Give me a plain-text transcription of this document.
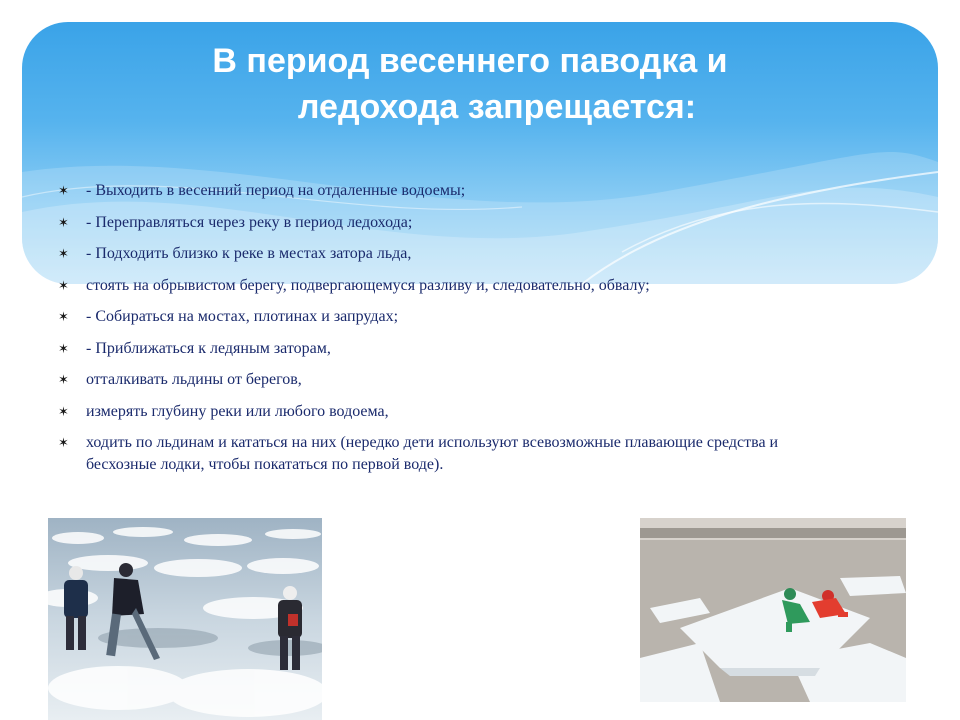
В период весеннего паводка и
ледохода запрещается:
✶ - Выходить в весенний период на отдаленные водоемы;
✶ - Переправляться через реку в период ледохода;
✶ - Подходить близко к реке в местах затора льда,
✶ стоять на обрывистом берегу, подвергающемуся разливу и, следовательно, обвалу;
✶ - Собираться на мостах, плотинах и запрудах;
✶ - Приближаться к ледяным заторам,
✶ отталкивать льдины от берегов,
✶ измерять глубину реки или любого водоема,
✶ ходить по льдинам и кататься на них (нередко дети используют всевозможные плавающие средства и бесхозные лодки, чтобы покататься по первой воде).
